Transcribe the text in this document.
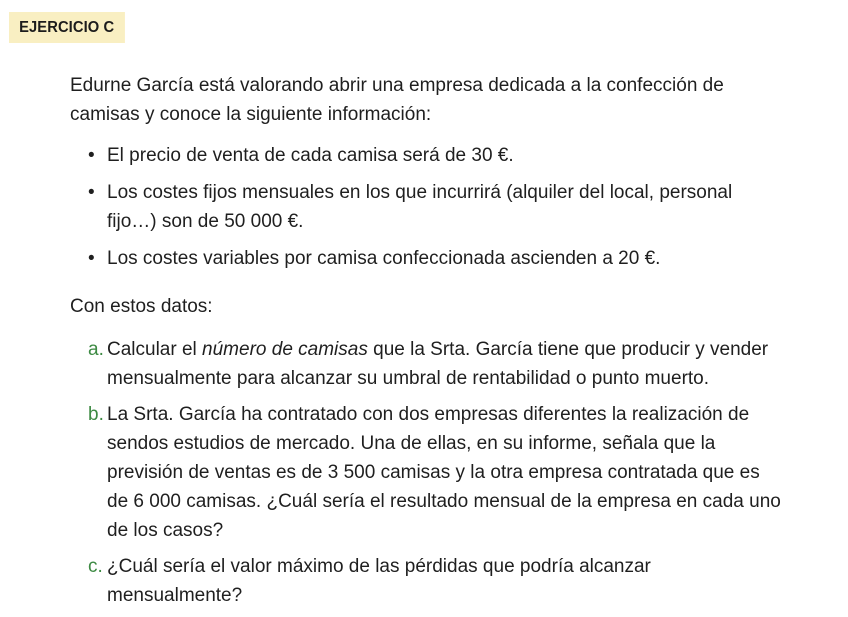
EJERCICIO C

Edurne García está valorando abrir una empresa dedicada a la confección de camisas y conoce la siguiente información:

• El precio de venta de cada camisa será de 30 €.
• Los costes fijos mensuales en los que incurrirá (alquiler del local, personal fijo…) son de 50 000 €.
• Los costes variables por camisa confeccionada ascienden a 20 €.

Con estos datos:

a. Calcular el número de camisas que la Srta. García tiene que producir y vender mensualmente para alcanzar su umbral de rentabilidad o punto muerto.
b. La Srta. García ha contratado con dos empresas diferentes la realización de sendos estudios de mercado. Una de ellas, en su informe, señala que la previsión de ventas es de 3 500 camisas y la otra empresa contratada que es de 6 000 camisas. ¿Cuál sería el resultado mensual de la empresa en cada uno de los casos?
c. ¿Cuál sería el valor máximo de las pérdidas que podría alcanzar mensualmente?
